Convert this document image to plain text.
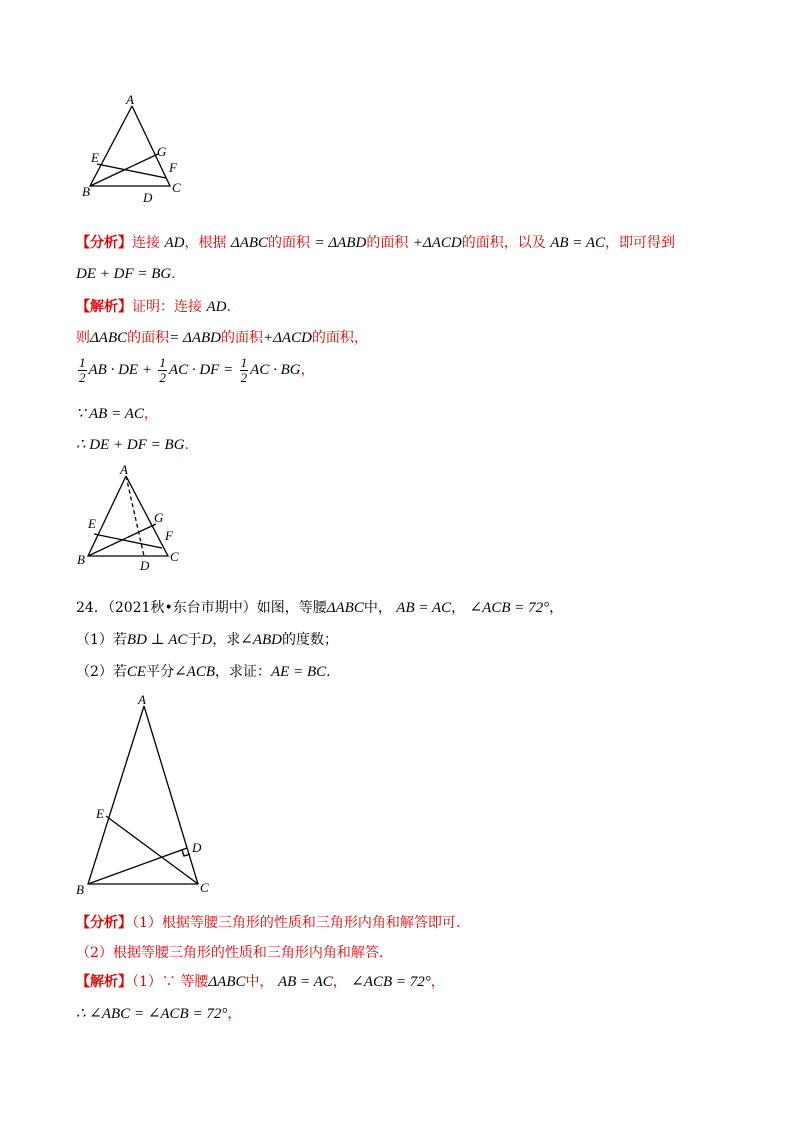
A
E	G
F
B	D
C
【分析】连接 AD，根据 ΔABC的面积 = ΔABD的面积 +ΔACD的面积，以及 AB = AC，即可得到
DE + DF = BG.
【解析】证明：连接 AD.
则ΔABC的面积= ΔABD的面积+ΔACD的面积，
$\frac{1}{2}$ AB · DE + $\frac{1}{2}$ AC · DF = $\frac{1}{2}$ AC · BG，
∵ AB = AC，
∴ DE + DF = BG.
A
E	G
F
B	D
C
24．（2021秋•东台市期中）如图，等腰ΔABC中， AB = AC， ∠ACB = 72°，
（1）若BD ⊥ AC于D，求∠ABD的度数；
（2）若CE平分∠ACB，求证：AE = BC.
A
E
D
B	C
【分析】（1）根据等腰三角形的性质和三角形内角和解答即可.
（2）根据等腰三角形的性质和三角形内角和解答.
【解析】（1）∵ 等腰ΔABC中， AB = AC， ∠ACB = 72°，
∴ ∠ABC = ∠ACB = 72°，
